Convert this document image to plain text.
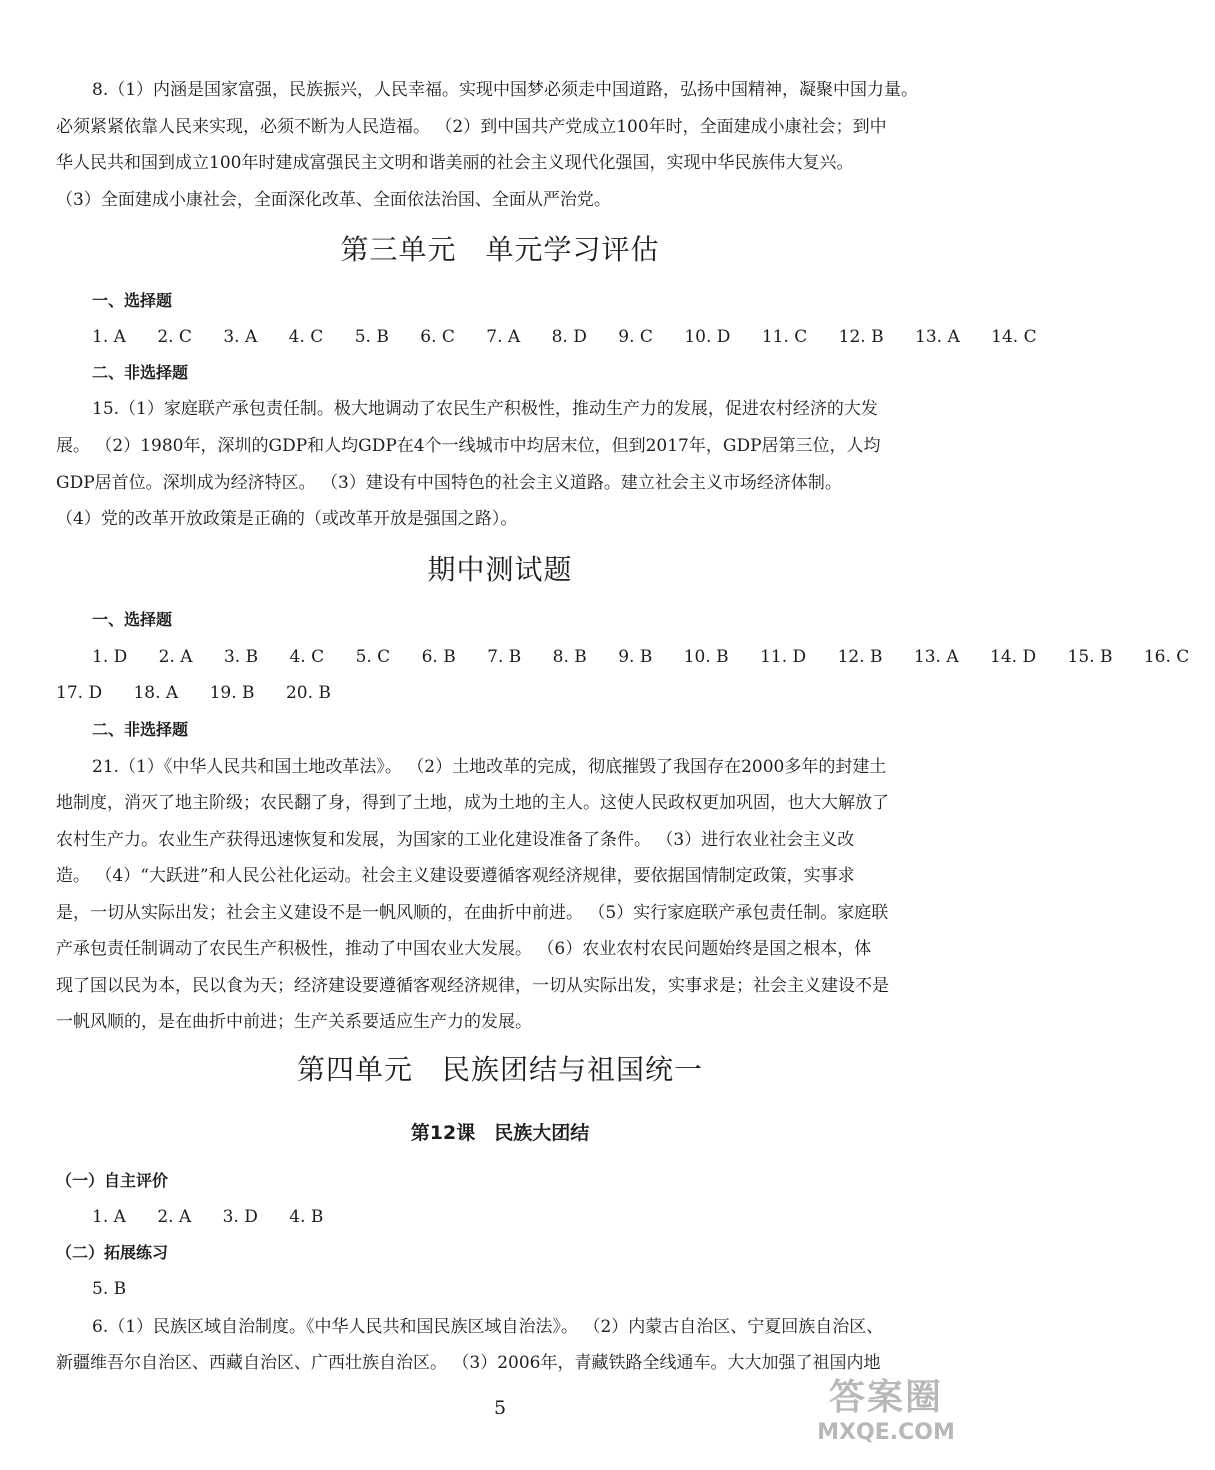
8.（1）内涵是国家富强，民族振兴，人民幸福。实现中国梦必须走中国道路，弘扬中国精神，凝聚中国力量。
必须紧紧依靠人民来实现，必须不断为人民造福。 （2）到中国共产党成立100年时，全面建成小康社会；到中
华人民共和国到成立100年时建成富强民主文明和谐美丽的社会主义现代化强国，实现中华民族伟大复兴。
（3）全面建成小康社会，全面深化改革、全面依法治国、全面从严治党。
第三单元　单元学习评估
一、选择题
1. A 2. C 3. A 4. C 5. B 6. C 7. A 8. D 9. C 10. D 11. C 12. B 13. A 14. C
二、非选择题
15.（1）家庭联产承包责任制。极大地调动了农民生产积极性，推动生产力的发展，促进农村经济的大发
展。 （2）1980年，深圳的GDP和人均GDP在4个一线城市中均居末位，但到2017年，GDP居第三位，人均
GDP居首位。深圳成为经济特区。 （3）建设有中国特色的社会主义道路。建立社会主义市场经济体制。
（4）党的改革开放政策是正确的（或改革开放是强国之路）。
期中测试题
一、选择题
1. D 2. A 3. B 4. C 5. C 6. B 7. B 8. B 9. B 10. B 11. D 12. B 13. A 14. D 15. B 16. C
17. D 18. A 19. B 20. B
二、非选择题
21.（1）《中华人民共和国土地改革法》。 （2）土地改革的完成，彻底摧毁了我国存在2000多年的封建土
地制度，消灭了地主阶级；农民翻了身，得到了土地，成为土地的主人。这使人民政权更加巩固，也大大解放了
农村生产力。农业生产获得迅速恢复和发展，为国家的工业化建设准备了条件。 （3）进行农业社会主义改
造。 （4）“大跃进”和人民公社化运动。社会主义建设要遵循客观经济规律，要依据国情制定政策，实事求
是，一切从实际出发；社会主义建设不是一帆风顺的，在曲折中前进。 （5）实行家庭联产承包责任制。家庭联
产承包责任制调动了农民生产积极性，推动了中国农业大发展。 （6）农业农村农民问题始终是国之根本，体
现了国以民为本，民以食为天；经济建设要遵循客观经济规律，一切从实际出发，实事求是；社会主义建设不是
一帆风顺的，是在曲折中前进；生产关系要适应生产力的发展。
第四单元　民族团结与祖国统一
第12课　民族大团结
（一）自主评价
1. A 2. A 3. D 4. B
（二）拓展练习
5. B
6.（1）民族区域自治制度。《中华人民共和国民族区域自治法》。 （2）内蒙古自治区、宁夏回族自治区、
新疆维吾尔自治区、西藏自治区、广西壮族自治区。 （3）2006年，青藏铁路全线通车。大大加强了祖国内地
5	答案圈
MXQE.COM
